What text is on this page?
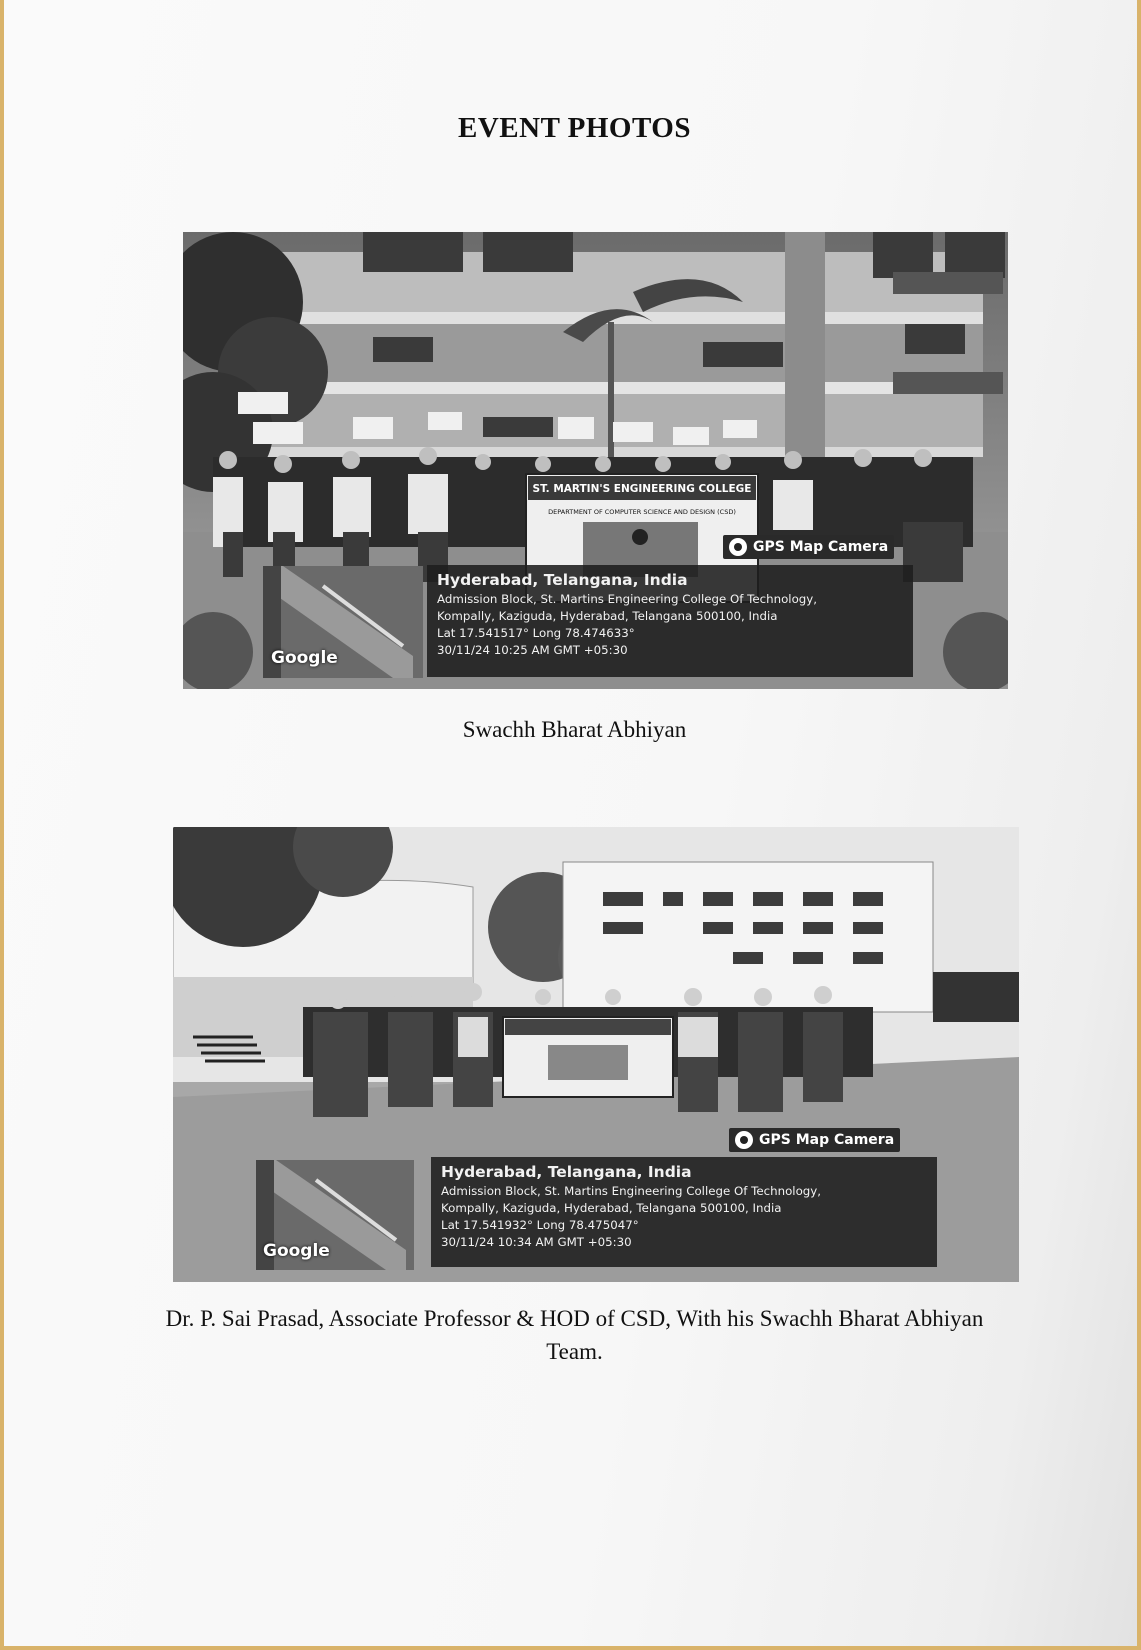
EVENT PHOTOS
ST. MARTIN'S ENGINEERING COLLEGE
DEPARTMENT OF COMPUTER SCIENCE AND DESIGN (CSD)
GPS Map Camera
Google
Hyderabad, Telangana, India
Admission Block, St. Martins Engineering College Of Technology,
Kompally, Kaziguda, Hyderabad, Telangana 500100, India
Lat 17.541517° Long 78.474633°
30/11/24 10:25 AM GMT +05:30
Swachh Bharat Abhiyan
GPS Map Camera
Google
Hyderabad, Telangana, India
Admission Block, St. Martins Engineering College Of Technology,
Kompally, Kaziguda, Hyderabad, Telangana 500100, India
Lat 17.541932° Long 78.475047°
30/11/24 10:34 AM GMT +05:30
Dr. P. Sai Prasad, Associate Professor & HOD of CSD, With his Swachh Bharat Abhiyan
Team.
